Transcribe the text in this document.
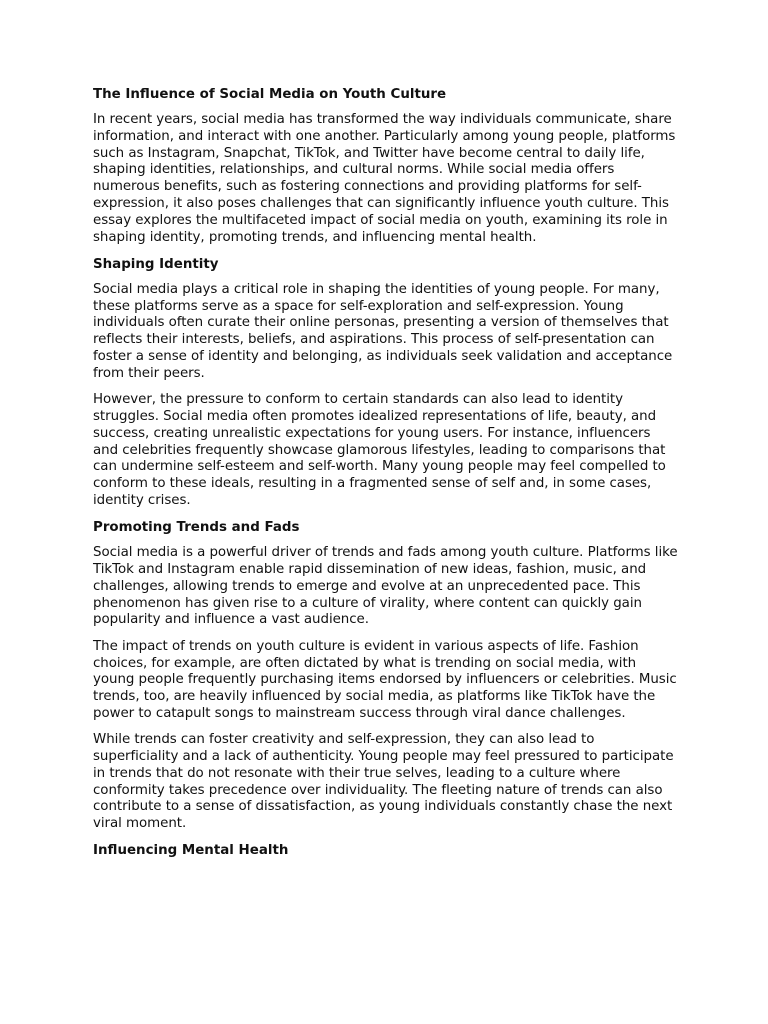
The Influence of Social Media on Youth Culture

In recent years, social media has transformed the way individuals communicate, share information, and interact with one another. Particularly among young people, platforms such as Instagram, Snapchat, TikTok, and Twitter have become central to daily life, shaping identities, relationships, and cultural norms. While social media offers numerous benefits, such as fostering connections and providing platforms for self-expression, it also poses challenges that can significantly influence youth culture. This essay explores the multifaceted impact of social media on youth, examining its role in shaping identity, promoting trends, and influencing mental health.

Shaping Identity

Social media plays a critical role in shaping the identities of young people. For many, these platforms serve as a space for self-exploration and self-expression. Young individuals often curate their online personas, presenting a version of themselves that reflects their interests, beliefs, and aspirations. This process of self-presentation can foster a sense of identity and belonging, as individuals seek validation and acceptance from their peers.

However, the pressure to conform to certain standards can also lead to identity struggles. Social media often promotes idealized representations of life, beauty, and success, creating unrealistic expectations for young users. For instance, influencers and celebrities frequently showcase glamorous lifestyles, leading to comparisons that can undermine self-esteem and self-worth. Many young people may feel compelled to conform to these ideals, resulting in a fragmented sense of self and, in some cases, identity crises.

Promoting Trends and Fads

Social media is a powerful driver of trends and fads among youth culture. Platforms like TikTok and Instagram enable rapid dissemination of new ideas, fashion, music, and challenges, allowing trends to emerge and evolve at an unprecedented pace. This phenomenon has given rise to a culture of virality, where content can quickly gain popularity and influence a vast audience.

The impact of trends on youth culture is evident in various aspects of life. Fashion choices, for example, are often dictated by what is trending on social media, with young people frequently purchasing items endorsed by influencers or celebrities. Music trends, too, are heavily influenced by social media, as platforms like TikTok have the power to catapult songs to mainstream success through viral dance challenges.

While trends can foster creativity and self-expression, they can also lead to superficiality and a lack of authenticity. Young people may feel pressured to participate in trends that do not resonate with their true selves, leading to a culture where conformity takes precedence over individuality. The fleeting nature of trends can also contribute to a sense of dissatisfaction, as young individuals constantly chase the next viral moment.

Influencing Mental Health
